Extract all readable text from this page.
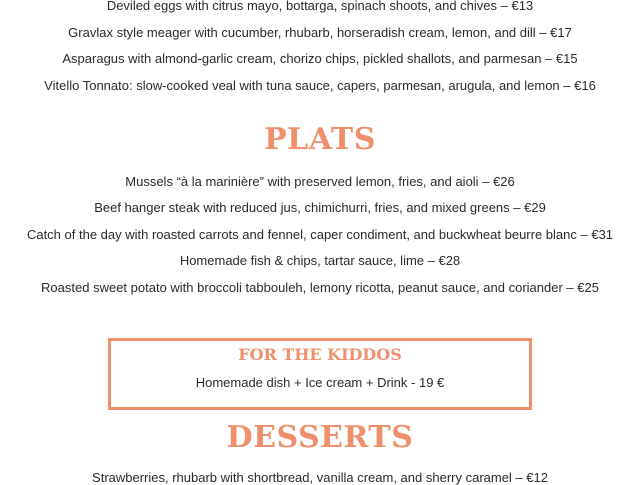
Deviled eggs with citrus mayo, bottarga, spinach shoots, and chives – €13
Gravlax style meager with cucumber, rhubarb, horseradish cream, lemon, and dill – €17
Asparagus with almond-garlic cream, chorizo chips, pickled shallots, and parmesan – €15
Vitello Tonnato: slow-cooked veal with tuna sauce, capers, parmesan, arugula, and lemon – €16
PLATS
Mussels “à la marinière” with preserved lemon, fries, and aioli – €26
Beef hanger steak with reduced jus, chimichurri, fries, and mixed greens – €29
Catch of the day with roasted carrots and fennel, caper condiment, and buckwheat beurre blanc – €31
Homemade fish & chips, tartar sauce, lime – €28
Roasted sweet potato with broccoli tabbouleh, lemony ricotta, peanut sauce, and coriander – €25
FOR THE KIDDOS
Homemade dish + Ice cream + Drink - 19 €
DESSERTS
Strawberries, rhubarb with shortbread, vanilla cream, and sherry caramel – €12
